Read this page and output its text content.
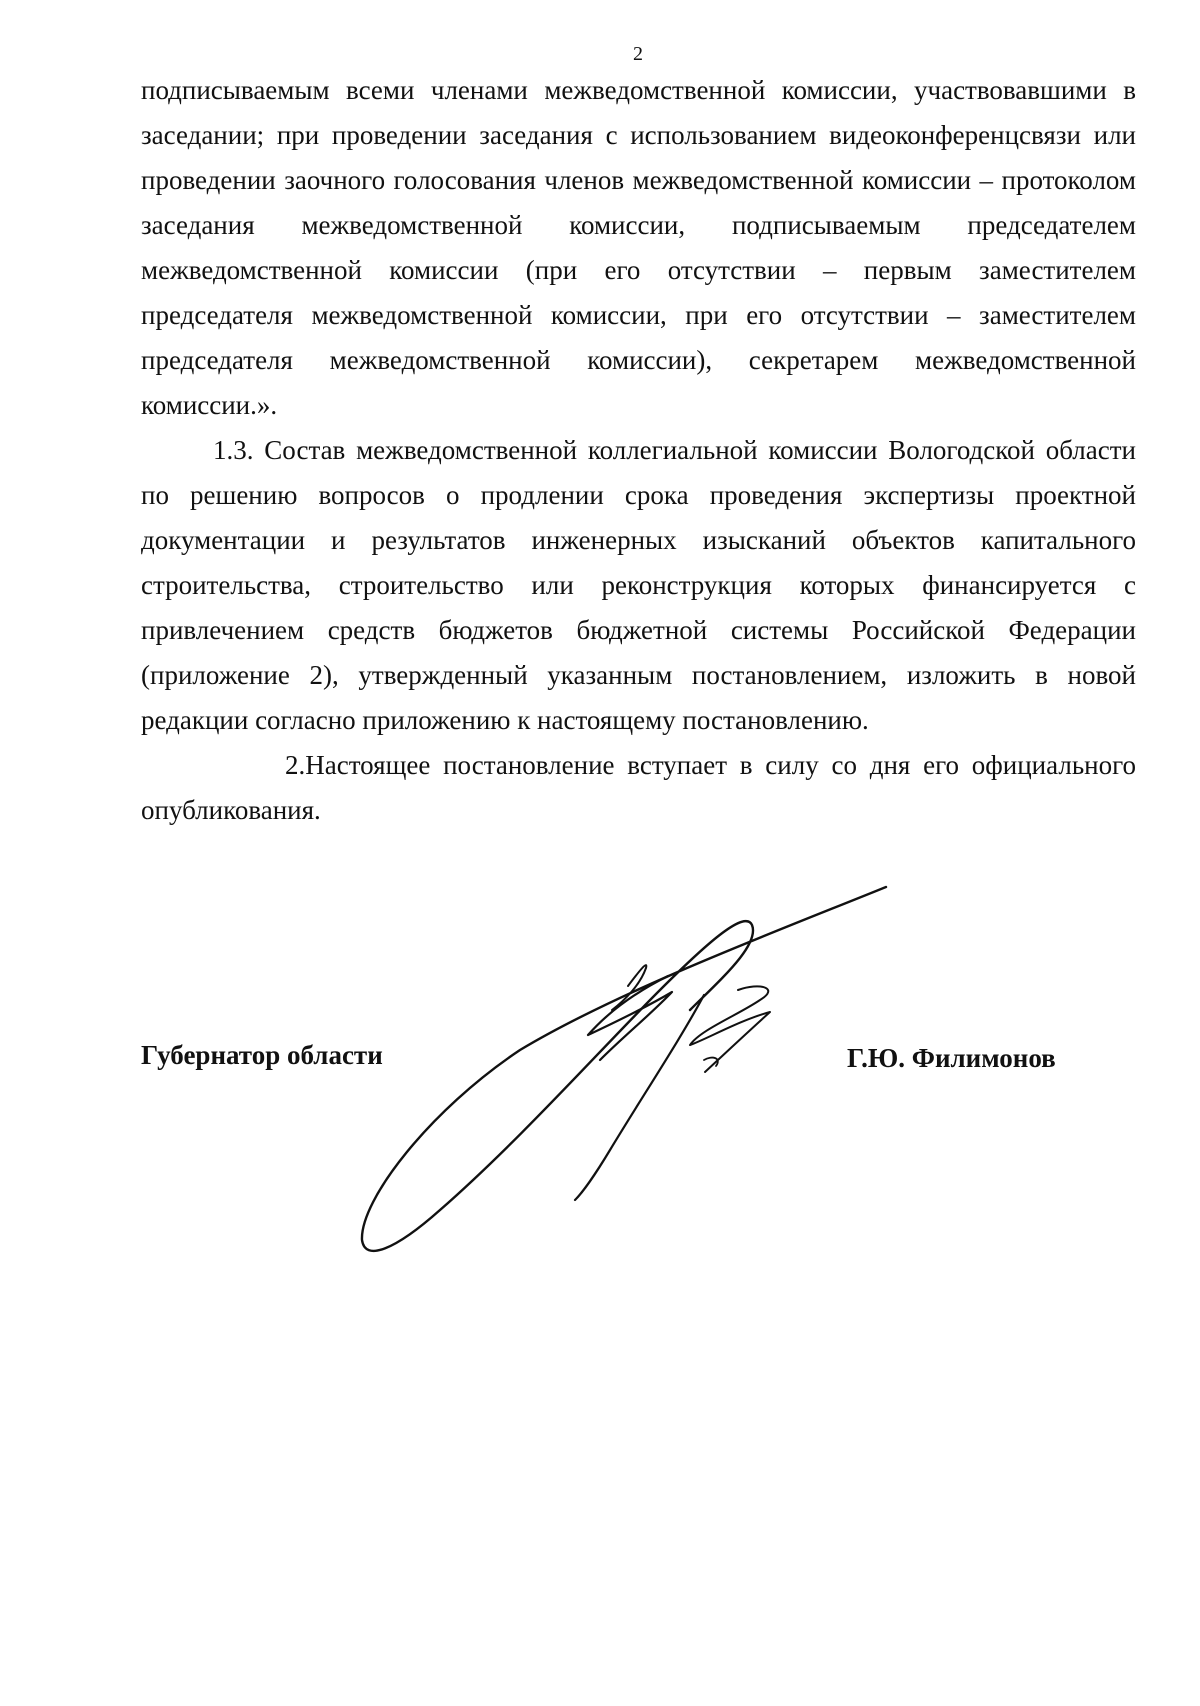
2

подписываемым всеми членами межведомственной комиссии, участвовавшими в заседании; при проведении заседания с использованием видеоконференцсвязи или проведении заочного голосования членов межведомственной комиссии – протоколом заседания межведомственной комиссии, подписываемым председателем межведомственной комиссии (при его отсутствии – первым заместителем председателя межведомственной комиссии, при его отсутствии – заместителем председателя межведомственной комиссии), секретарем межведомственной комиссии.».

1.3. Состав межведомственной коллегиальной комиссии Вологодской области по решению вопросов о продлении срока проведения экспертизы проектной документации и результатов инженерных изысканий объектов капитального строительства, строительство или реконструкция которых финансируется с привлечением средств бюджетов бюджетной системы Российской Федерации (приложение 2), утвержденный указанным постановлением, изложить в новой редакции согласно приложению к настоящему постановлению.

2.Настоящее постановление вступает в силу со дня его официального опубликования.

Губернатор области	Г.Ю. Филимонов
